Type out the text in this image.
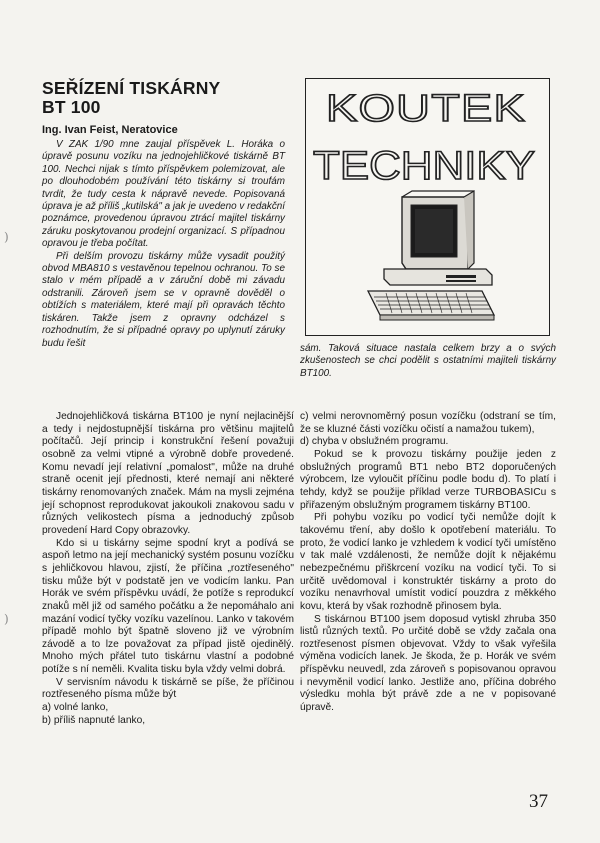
SEŘÍZENÍ TISKÁRNY
BT 100
Ing. Ivan Feist, Neratovice

V ZAK 1/90 mne zaujal příspěvek L. Horáka o úpravě posunu vozíku na jednojehličkové tiskárně BT 100. Nechci nijak s tímto příspěvkem polemizovat, ale po dlouhodobém používání této tiskárny si troufám tvrdit, že tudy cesta k nápravě nevede. Popisovaná úprava je až příliš „kutilská" a jak je uvedeno v redakční poznámce, provedenou úpravou ztrácí majitel tiskárny záruku poskytovanou prodejní organizací. S případnou opravou je třeba počítat.

Při delším provozu tiskárny může vysadit použitý obvod MBA810 s vestavěnou tepelnou ochranou. To se stalo v mém případě a v záruční době mi závadu odstranili. Zároveň jsem se v opravně dověděl o obtížích s materiálem, které mají při opravách těchto tiskáren. Takže jsem z opravny odcházel s rozhodnutím, že si případné opravy po uplynutí záruky budu řešit

KOUTEK
TECHNIKY
sám. Taková situace nastala celkem brzy a o svých zkušenostech se chci podělit s ostatními majiteli tiskárny BT100.

Jednojehličková tiskárna BT100 je nyní nejlacinější a tedy i nejdostupnější tiskárna pro většinu majitelů počítačů. Její princip i konstrukční řešení považuji osobně za velmi vtipné a výrobně dobře provedené. Komu nevadí její relativní „pomalost", může na druhé straně ocenit její přednosti, které nemají ani některé tiskárny renomovaných značek. Mám na mysli zejména její schopnost reprodukovat jakoukoli znakovou sadu v různých velikostech písma a jednoduchý způsob provedení Hard Copy obrazovky.

Kdo si u tiskárny sejme spodní kryt a podívá se aspoň letmo na její mechanický systém posunu vozíčku s jehličkovou hlavou, zjistí, že příčina „roztřeseného" tisku může být v podstatě jen ve vodicím lanku. Pan Horák ve svém příspěvku uvádí, že potíže s reprodukcí znaků měl již od samého počátku a že nepomáhalo ani mazání vodicí tyčky vozíku vazelínou. Lanko v takovém případě mohlo být špatně sloveno již ve výrobním závodě a to lze považovat za případ jistě ojedinělý. Mnoho mých přátel tuto tiskárnu vlastní a podobné potíže s ní neměli. Kvalita tisku byla vždy velmi dobrá.

V servisním návodu k tiskárně se píše, že příčinou roztřeseného písma může být

a) volné lanko,

b) příliš napnuté lanko,

c) velmi nerovnoměrný posun vozíčku (odstraní se tím, že se kluzné části vozíčku očistí a namažou tukem),

d) chyba v obslužném programu.

Pokud se k provozu tiskárny použije jeden z obslužných programů BT1 nebo BT2 doporučených výrobcem, lze vyloučit příčinu podle bodu d). To platí i tehdy, když se použije příklad verze TURBOBASICu s přiřazeným obslužným programem tiskárny BT100.

Při pohybu vozíku po vodicí tyči nemůže dojít k takovému tření, aby došlo k opotřebení materiálu. To proto, že vodicí lanko je vzhledem k vodicí tyči umístěno v tak malé vzdálenosti, že nemůže dojít k nějakému nebezpečnému přiškrcení vozíku na vodicí tyči. To si určitě uvědomoval i konstruktér tiskárny a proto do vozíku nenavrhoval umístit vodicí pouzdra z měkkého kovu, která by však rozhodně přinosem byla.

S tiskárnou BT100 jsem doposud vytiskl zhruba 350 listů různých textů. Po určité době se vždy začala ona roztřesenost písmen objevovat. Vždy to však vyřešila výměna vodicích lanek. Je škoda, že p. Horák ve svém příspěvku neuvedl, zda zároveň s popisovanou opravou i nevyměnil vodicí lanko. Jestliže ano, příčina dobrého výsledku mohla být právě zde a ne v popisované úpravě.

37
)
)
